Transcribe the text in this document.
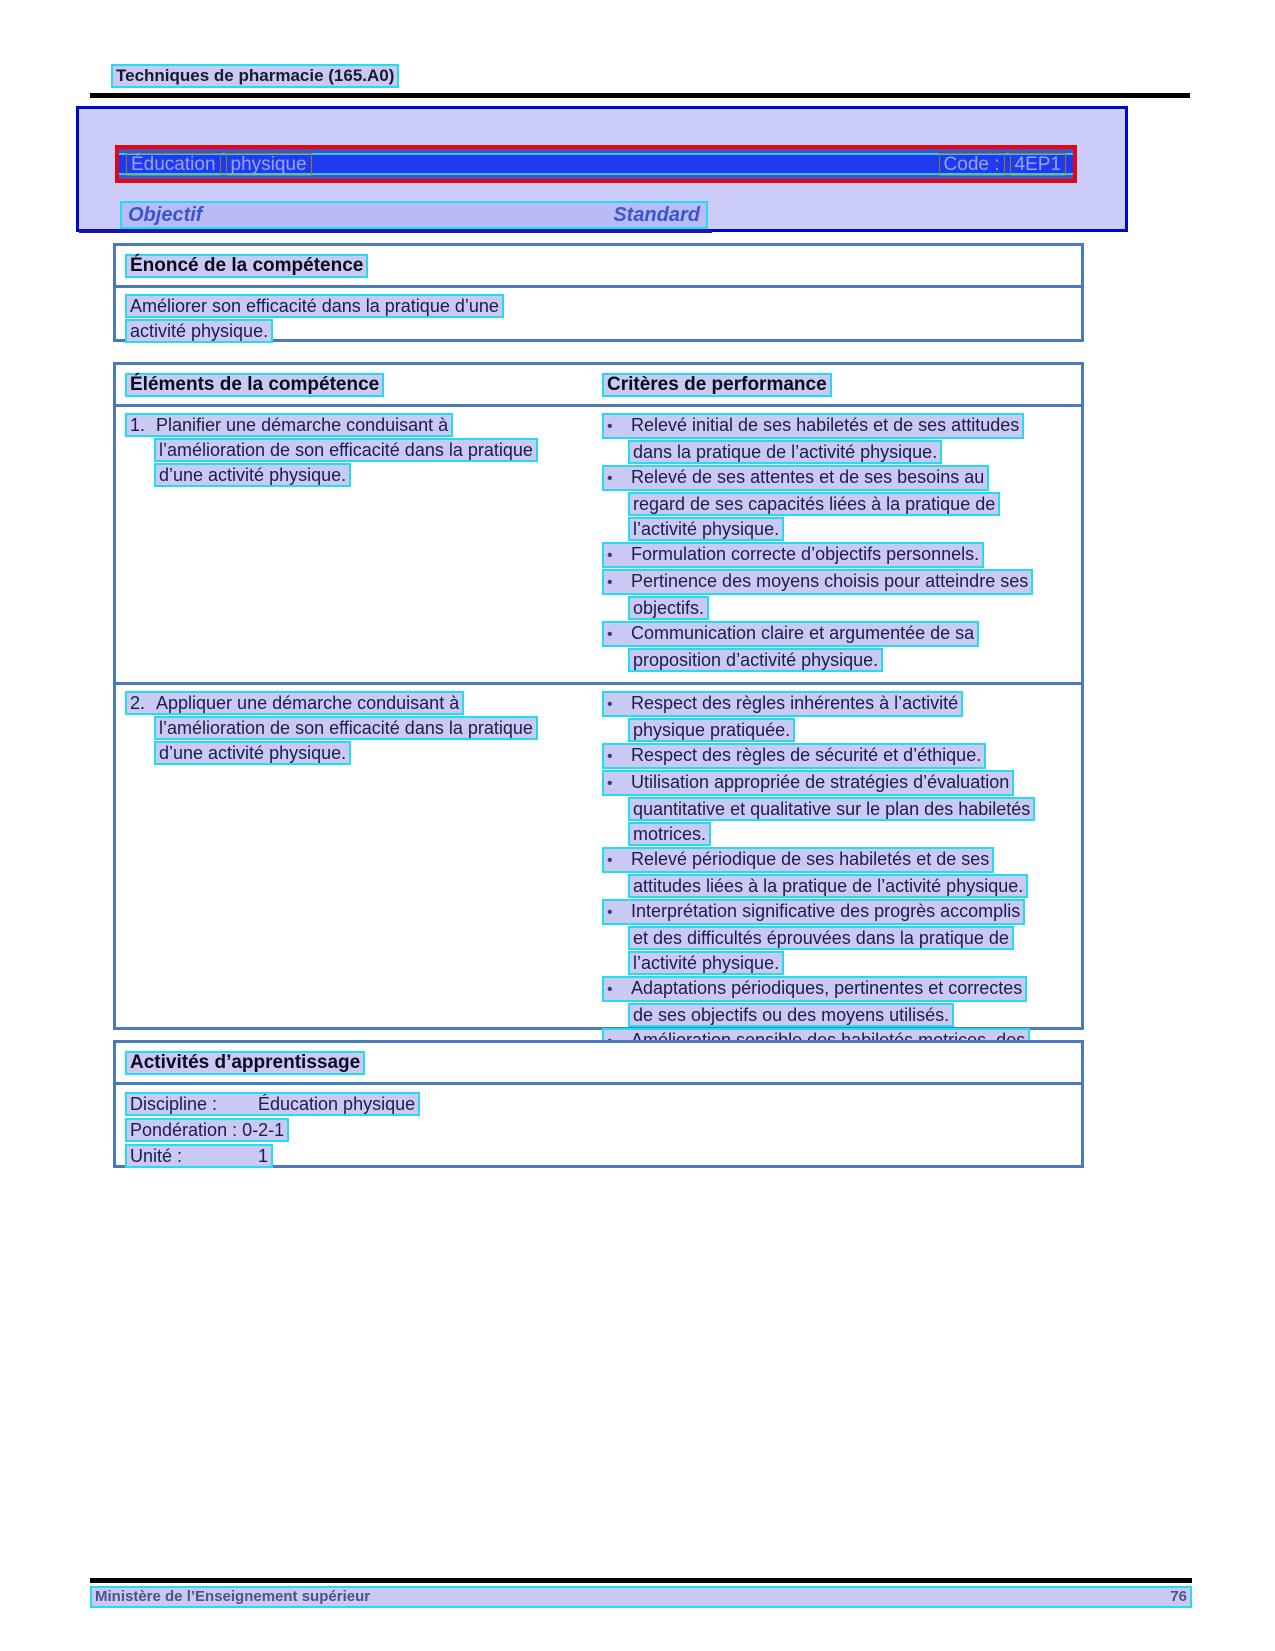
Techniques de pharmacie (165.A0)
Éducation physique	Code : 4EP1
Objectif	Standard
Énoncé de la compétence
Améliorer son efficacité dans la pratique d’une
activité physique.
Éléments de la compétence	Critères de performance
1. Planifier une démarche conduisant à
l’amélioration de son efficacité dans la pratique
d’une activité physique.
• Relevé initial de ses habiletés et de ses attitudes
dans la pratique de l’activité physique.
• Relevé de ses attentes et de ses besoins au
regard de ses capacités liées à la pratique de
l’activité physique.
• Formulation correcte d’objectifs personnels.
• Pertinence des moyens choisis pour atteindre ses
objectifs.
• Communication claire et argumentée de sa
proposition d’activité physique.
2. Appliquer une démarche conduisant à
l’amélioration de son efficacité dans la pratique
d’une activité physique.
• Respect des règles inhérentes à l’activité
physique pratiquée.
• Respect des règles de sécurité et d’éthique.
• Utilisation appropriée de stratégies d’évaluation
quantitative et qualitative sur le plan des habiletés
motrices.
• Relevé périodique de ses habiletés et de ses
attitudes liées à la pratique de l’activité physique.
• Interprétation significative des progrès accomplis
et des difficultés éprouvées dans la pratique de
l’activité physique.
• Adaptations périodiques, pertinentes et correctes
de ses objectifs ou des moyens utilisés.
Activités d’apprentissage
Discipline : Éducation physique
Pondération : 0-2-1
Unité :	1
Ministère de l’Enseignement supérieur	76
